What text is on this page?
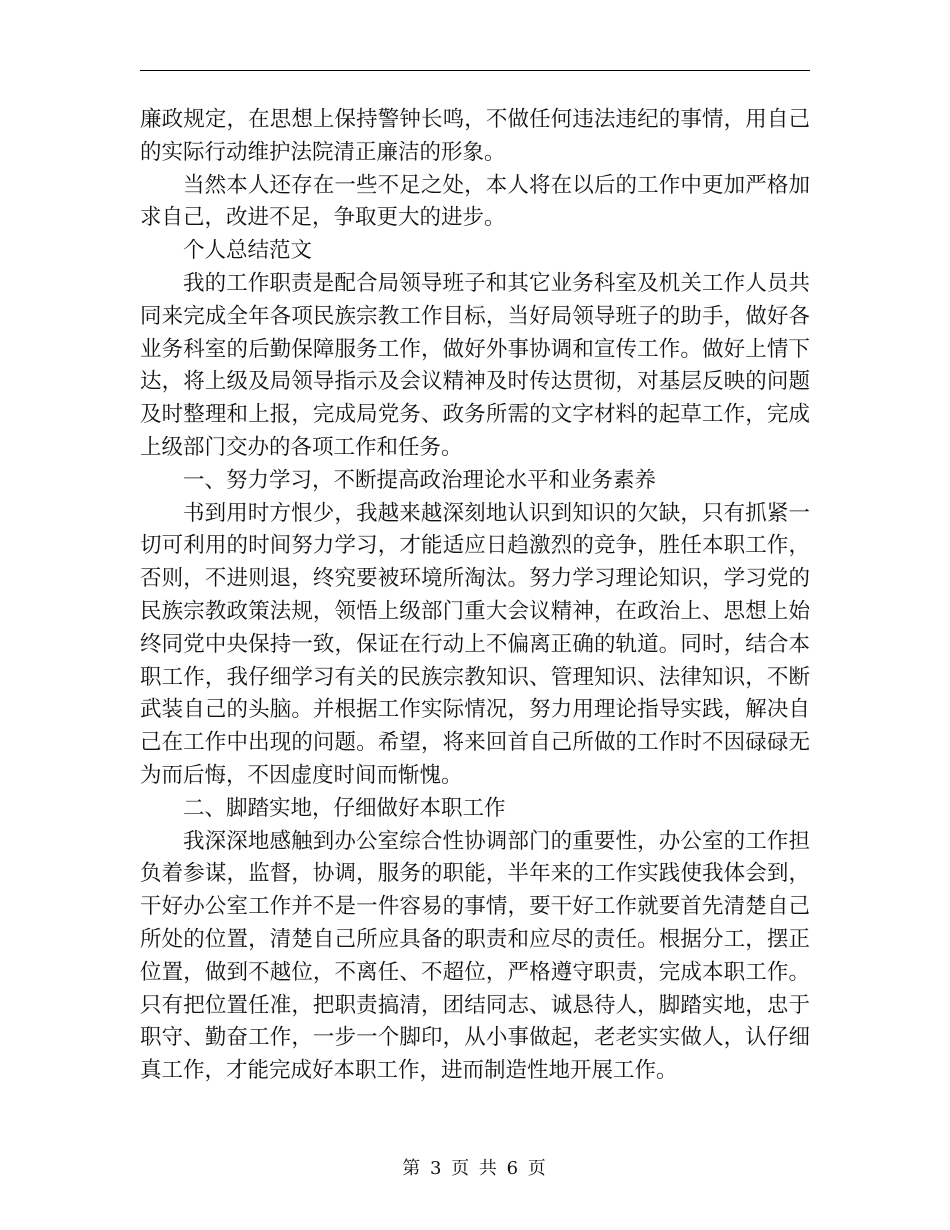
廉政规定，在思想上保持警钟长鸣，不做任何违法违纪的事情，用自己的实际行动维护法院清正廉洁的形象。

当然本人还存在一些不足之处，本人将在以后的工作中更加严格加求自己，改进不足，争取更大的进步。

个人总结范文

我的工作职责是配合局领导班子和其它业务科室及机关工作人员共同来完成全年各项民族宗教工作目标，当好局领导班子的助手，做好各业务科室的后勤保障服务工作，做好外事协调和宣传工作。做好上情下达，将上级及局领导指示及会议精神及时传达贯彻，对基层反映的问题及时整理和上报，完成局党务、政务所需的文字材料的起草工作，完成上级部门交办的各项工作和任务。

一、努力学习，不断提高政治理论水平和业务素养

书到用时方恨少，我越来越深刻地认识到知识的欠缺，只有抓紧一切可利用的时间努力学习，才能适应日趋激烈的竞争，胜任本职工作，否则，不进则退，终究要被环境所淘汰。努力学习理论知识，学习党的民族宗教政策法规，领悟上级部门重大会议精神，在政治上、思想上始终同党中央保持一致，保证在行动上不偏离正确的轨道。同时，结合本职工作，我仔细学习有关的民族宗教知识、管理知识、法律知识，不断武装自己的头脑。并根据工作实际情况，努力用理论指导实践，解决自己在工作中出现的问题。希望，将来回首自己所做的工作时不因碌碌无为而后悔，不因虚度时间而惭愧。

二、脚踏实地，仔细做好本职工作

我深深地感触到办公室综合性协调部门的重要性，办公室的工作担负着参谋，监督，协调，服务的职能，半年来的工作实践使我体会到，干好办公室工作并不是一件容易的事情，要干好工作就要首先清楚自己所处的位置，清楚自己所应具备的职责和应尽的责任。根据分工，摆正位置，做到不越位，不离任、不超位，严格遵守职责，完成本职工作。只有把位置任准，把职责搞清，团结同志、诚恳待人，脚踏实地，忠于职守、勤奋工作，一步一个脚印，从小事做起，老老实实做人，认仔细真工作，才能完成好本职工作，进而制造性地开展工作。

第 3 页 共 6 页
